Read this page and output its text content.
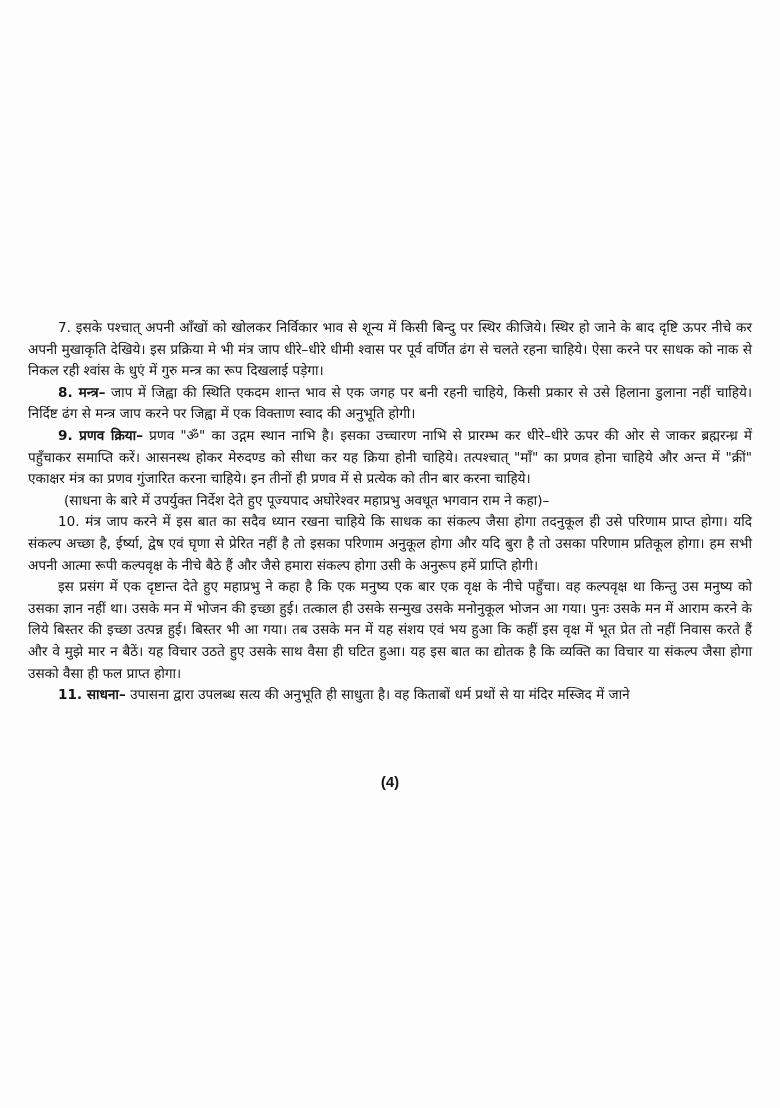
7. इसके पश्चात् अपनी आँखों को खोलकर निर्विकार भाव से शून्य में किसी बिन्दु पर स्थिर कीजिये। स्थिर हो जाने के बाद दृष्टि ऊपर नीचे कर अपनी मुखाकृति देखिये। इस प्रक्रिया मे भी मंत्र जाप धीरे–धीरे धीमी श्वास पर पूर्व वर्णित ढंग से चलते रहना चाहिये। ऐसा करने पर साधक को नाक से निकल रही श्वांस के धुएं में गुरु मन्त्र का रूप दिखलाई पड़ेगा।

8. मन्त्र– जाप में जिह्वा की स्थिति एकदम शान्त भाव से एक जगह पर बनी रहनी चाहिये, किसी प्रकार से उसे हिलाना डुलाना नहीं चाहिये। निर्दिष्ट ढंग से मन्त्र जाप करने पर जिह्वा में एक विक्ताण स्वाद की अनुभूति होगी।

9. प्रणव क्रिया– प्रणव "ॐ" का उद्गम स्थान नाभि है। इसका उच्चारण नाभि से प्रारम्भ कर धीरे–धीरे ऊपर की ओर से जाकर ब्रह्मरन्ध्र में पहुँचाकर समाप्ति करें। आसनस्थ होकर मेरुदण्ड को सीधा कर यह क्रिया होनी चाहिये। तत्पश्चात् "माँ" का प्रणव होना चाहिये और अन्त में "क्रीं" एकाक्षर मंत्र का प्रणव गुंजारित करना चाहिये। इन तीनों ही प्रणव में से प्रत्येक को तीन बार करना चाहिये।

(साधना के बारे में उपर्युक्त निर्देश देते हुए पूज्यपाद अघोरेश्वर महाप्रभु अवधूत भगवान राम ने कहा)–

10. मंत्र जाप करने में इस बात का सदैव ध्यान रखना चाहिये कि साधक का संकल्प जैसा होगा तदनुकूल ही उसे परिणाम प्राप्त होगा। यदि संकल्प अच्छा है, ईर्ष्या, द्वेष एवं घृणा से प्रेरित नहीं है तो इसका परिणाम अनुकूल होगा और यदि बुरा है तो उसका परिणाम प्रतिकूल होगा। हम सभी अपनी आत्मा रूपी कल्पवृक्ष के नीचे बैठे हैं और जैसे हमारा संकल्प होगा उसी के अनुरूप हमें प्राप्ति होगी।

इस प्रसंग में एक दृष्टान्त देते हुए महाप्रभु ने कहा है कि एक मनुष्य एक बार एक वृक्ष के नीचे पहुँचा। वह कल्पवृक्ष था किन्तु उस मनुष्य को उसका ज्ञान नहीं था। उसके मन में भोजन की इच्छा हुई। तत्काल ही उसके सन्मुख उसके मनोनुकूल भोजन आ गया। पुनः उसके मन में आराम करने के लिये बिस्तर की इच्छा उत्पन्न हुई। बिस्तर भी आ गया। तब उसके मन में यह संशय एवं भय हुआ कि कहीं इस वृक्ष में भूत प्रेत तो नहीं निवास करते हैं और वे मुझे मार न बैठें। यह विचार उठते हुए उसके साथ वैसा ही घटित हुआ। यह इस बात का द्योतक है कि व्यक्ति का विचार या संकल्प जैसा होगा उसको वैसा ही फल प्राप्त होगा।

11. साधना– उपासना द्वारा उपलब्ध सत्य की अनुभूति ही साधुता है। वह किताबों धर्म प्रथों से या मंदिर मस्जिद में जाने

(4)
